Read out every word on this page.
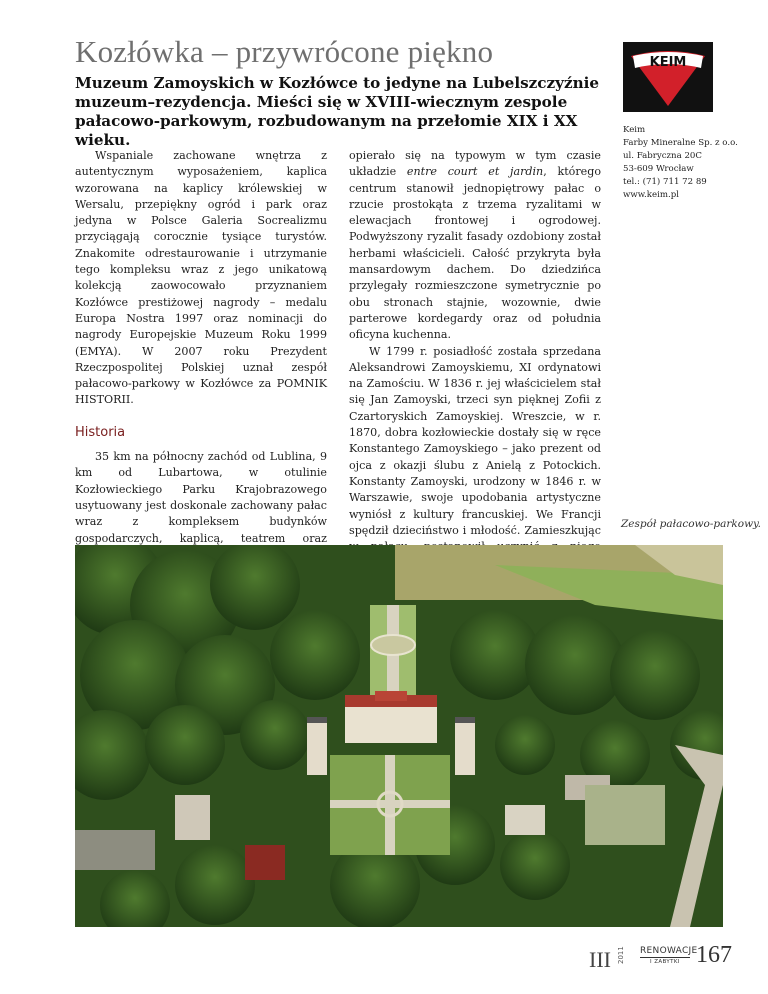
Kozłówka – przywrócone piękno
Muzeum Zamoyskich w Kozłówce to jedyne na Lubelszczyźnie muzeum–rezydencja. Mieści się w XVIII-wiecznym zespole pałacowo-parkowym, rozbudowanym na przełomie XIX i XX wieku.

Wspaniale zachowane wnętrza z autentycznym wyposażeniem, kaplica wzorowana na kaplicy królewskiej w Wersalu, przepiękny ogród i park oraz jedyna w Polsce Galeria Socrealizmu przyciągają corocznie tysiące turystów. Znakomite odrestaurowanie i utrzymanie tego kompleksu wraz z jego unikatową kolekcją zaowocowało przyznaniem Kozłówce prestiżowej nagrody – medalu Europa Nostra 1997 oraz nominacji do nagrody Europejskie Muzeum Roku 1999 (EMYA). W 2007 roku Prezydent Rzeczpospolitej Polskiej uznał zespół pałacowo-parkowy w Kozłówce za POMNIK HISTORII.

Historia

35 km na północny zachód od Lublina, 9 km od Lubartowa, w otulinie Kozłowieckiego Parku Krajobrazowego usytuowany jest doskonale zachowany pałac wraz z kompleksem budynków gospodarczych, kaplicą, teatrem oraz

opierało się na typowym w tym czasie układzie entre court et jardin, którego centrum stanowił jednopiętrowy pałac o rzucie prostokąta z trzema ryzalitami w elewacjach frontowej i ogrodowej. Podwyższony ryzalit fasady ozdobiony został herbami właścicieli. Całość przykryta była mansardowym dachem. Do dziedzińca przylegały rozmieszczone symetrycznie po obu stronach stajnie, wozownie, dwie parterowe kordegardy oraz od południa oficyna kuchenna.

W 1799 r. posiadłość została sprzedana Aleksandrowi Zamoyskiemu, XI ordynatowi na Zamościu. W 1836 r. jej właścicielem stał się Jan Zamoyski, trzeci syn pięknej Zofii z Czartoryskich Zamoyskiej. Wreszcie, w r. 1870, dobra kozłowieckie dostały się w ręce Konstantego Zamoyskiego – jako prezent od ojca z okazji ślubu z Anielą z Potockich. Konstanty Zamoyski, urodzony w 1846 r. w Warszawie, swoje upodobania artystyczne wyniósł z kultury francuskiej. We Francji spędził dzieciństwo i młodość. Zamieszkując

KEIM
Keim
Farby Mineralne Sp. z o.o.
ul. Fabryczna 20C
53-609 Wrocław
tel.: (71) 711 72 89
www.keim.pl
Zespół pałacowo-parkowy.
III 2011 RENOWACJE
I ZABYTKI 167
